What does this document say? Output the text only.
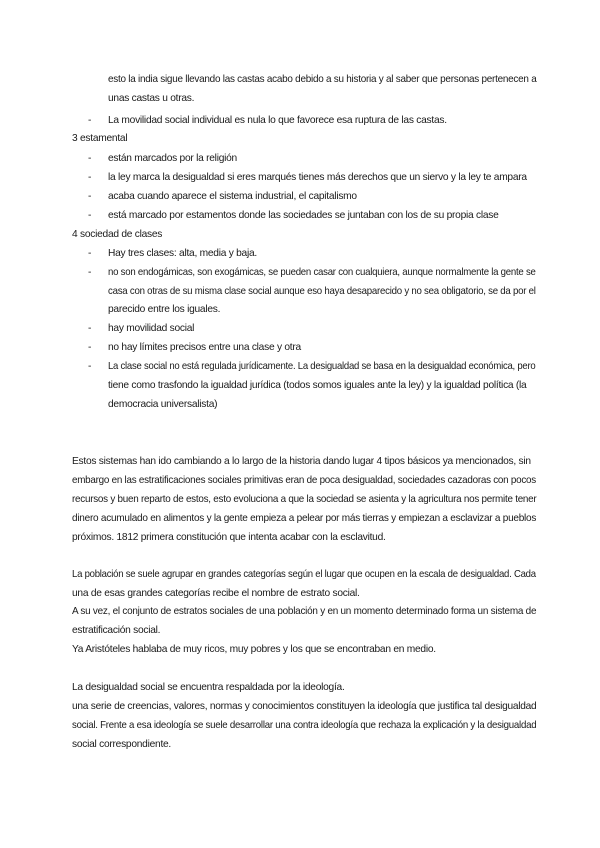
esto la india sigue llevando las castas acabo debido a su historia y al saber que personas pertenecen a
unas castas u otras.
- La movilidad social individual es nula lo que favorece esa ruptura de las castas.
3 estamental
- están marcados por la religión
- la ley marca la desigualdad si eres marqués tienes más derechos que un siervo y la ley te ampara
- acaba cuando aparece el sistema industrial, el capitalismo
- está marcado por estamentos donde las sociedades se juntaban con los de su propia clase
4 sociedad de clases
- Hay tres clases: alta, media y baja.
- no son endogámicas, son exogámicas, se pueden casar con cualquiera, aunque normalmente la gente se
casa con otras de su misma clase social aunque eso haya desaparecido y no sea obligatorio, se da por el
parecido entre los iguales.
- hay movilidad social
- no hay límites precisos entre una clase y otra
- La clase social no está regulada jurídicamente. La desigualdad se basa en la desigualdad económica, pero
tiene como trasfondo la igualdad jurídica (todos somos iguales ante la ley) y la igualdad política (la
democracia universalista)
Estos sistemas han ido cambiando a lo largo de la historia dando lugar 4 tipos básicos ya mencionados, sin
embargo en las estratificaciones sociales primitivas eran de poca desigualdad, sociedades cazadoras con pocos
recursos y buen reparto de estos, esto evoluciona a que la sociedad se asienta y la agricultura nos permite tener
dinero acumulado en alimentos y la gente empieza a pelear por más tierras y empiezan a esclavizar a pueblos
próximos. 1812 primera constitución que intenta acabar con la esclavitud.
La población se suele agrupar en grandes categorías según el lugar que ocupen en la escala de desigualdad. Cada
una de esas grandes categorías recibe el nombre de estrato social.
A su vez, el conjunto de estratos sociales de una población y en un momento determinado forma un sistema de
estratificación social.
Ya Aristóteles hablaba de muy ricos, muy pobres y los que se encontraban en medio.
La desigualdad social se encuentra respaldada por la ideología.
una serie de creencias, valores, normas y conocimientos constituyen la ideología que justifica tal desigualdad
social. Frente a esa ideología se suele desarrollar una contra ideología que rechaza la explicación y la desigualdad
social correspondiente.
